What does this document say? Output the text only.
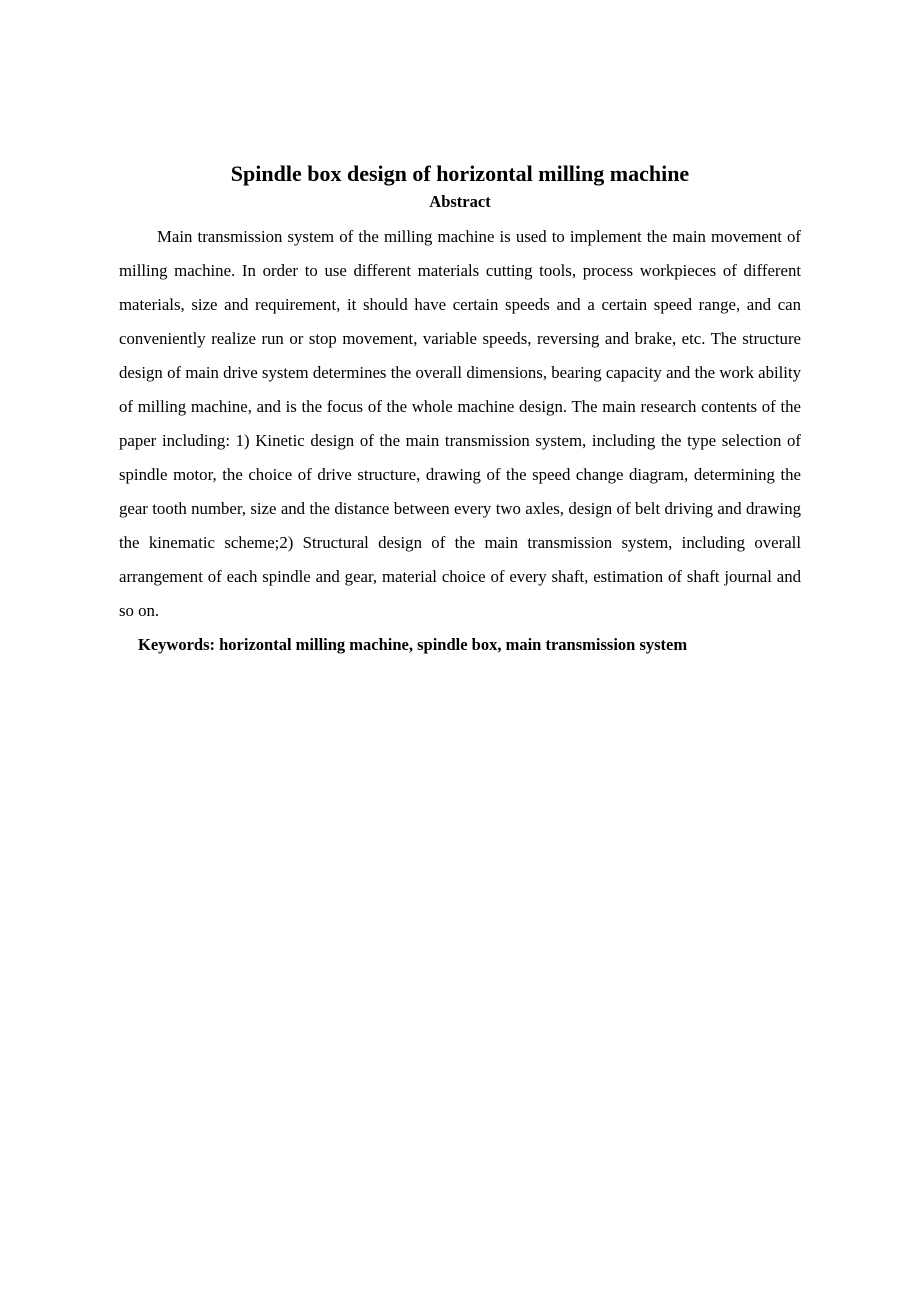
Spindle box design of horizontal milling machine
Abstract

Main transmission system of the milling machine is used to implement the main movement of milling machine. In order to use different materials cutting tools, process workpieces of different materials, size and requirement, it should have certain speeds and a certain speed range, and can conveniently realize run or stop movement, variable speeds, reversing and brake, etc. The structure design of main drive system determines the overall dimensions, bearing capacity and the work ability of milling machine, and is the focus of the whole machine design. The main research contents of the paper including: 1) Kinetic design of the main transmission system, including the type selection of spindle motor, the choice of drive structure, drawing of the speed change diagram, determining the gear tooth number, size and the distance between every two axles, design of belt driving and drawing the kinematic scheme;2) Structural design of the main transmission system, including overall arrangement of each spindle and gear, material choice of every shaft, estimation of shaft journal and so on.

Keywords: horizontal milling machine, spindle box, main transmission system
